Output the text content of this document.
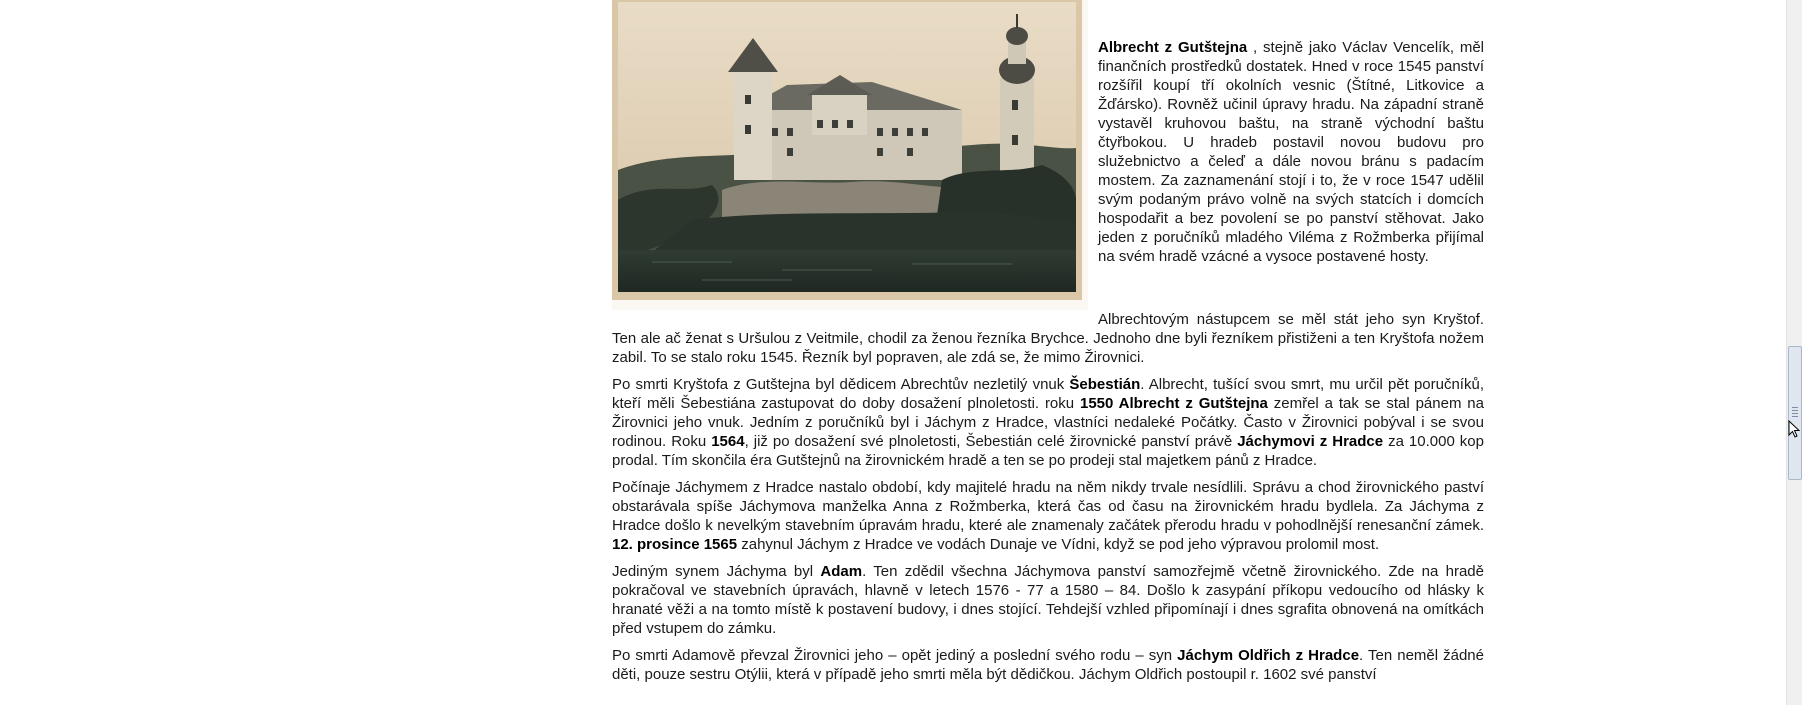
Albrecht z Gutštejna , stejně jako Václav Vencelík, měl finančních prostředků dostatek. Hned v roce 1545 panství rozšířil koupí tří okolních vesnic (Štítné, Litkovice a Žďársko). Rovněž učinil úpravy hradu. Na západní straně vystavěl kruhovou baštu, na straně východní baštu čtyřbokou. U hradeb postavil novou budovu pro služebnictvo a čeleď a dále novou bránu s padacím mostem. Za zaznamenání stojí i to, že v roce 1547 udělil svým podaným právo volně na svých statcích i domcích hospodařit a bez povolení se po panství stěhovat. Jako jeden z poručníků mladého Viléma z Rožmberka přijímal na svém hradě vzácné a vysoce postavené hosty.

Albrechtovým nástupcem se měl stát jeho syn Kryštof. Ten ale ač ženat s Uršulou z Veitmile, chodil za ženou řezníka Brychce. Jednoho dne byli řezníkem přistiženi a ten Kryštofa nožem zabil. To se stalo roku 1545. Řezník byl popraven, ale zdá se, že mimo Žirovnici.

Po smrti Kryštofa z Gutštejna byl dědicem Abrechtův nezletilý vnuk Šebestián. Albrecht, tušící svou smrt, mu určil pět poručníků, kteří měli Šebestiána zastupovat do doby dosažení plnoletosti. roku 1550 Albrecht z Gutštejna zemřel a tak se stal pánem na Žirovnici jeho vnuk. Jedním z poručníků byl i Jáchym z Hradce, vlastníci nedaleké Počátky. Často v Žirovnici pobýval i se svou rodinou. Roku 1564, již po dosažení své plnoletosti, Šebestián celé žirovnické panství právě Jáchymovi z Hradce za 10.000 kop prodal. Tím skončila éra Gutštejnů na žirovnickém hradě a ten se po prodeji stal majetkem pánů z Hradce.

Počínaje Jáchymem z Hradce nastalo období, kdy majitelé hradu na něm nikdy trvale nesídlili. Správu a chod žirovnického paství obstarávala spíše Jáchymova manželka Anna z Rožmberka, která čas od času na žirovnickém hradu bydlela. Za Jáchyma z Hradce došlo k nevelkým stavebním úpravám hradu, které ale znamenaly začátek přerodu hradu v pohodlnější renesanční zámek. 12. prosince 1565 zahynul Jáchym z Hradce ve vodách Dunaje ve Vídni, když se pod jeho výpravou prolomil most.

Jediným synem Jáchyma byl Adam. Ten zdědil všechna Jáchymova panství samozřejmě včetně žirovnického. Zde na hradě pokračoval ve stavebních úpravách, hlavně v letech 1576 - 77 a 1580 – 84. Došlo k zasypání příkopu vedoucího od hlásky k hranaté věži a na tomto místě k postavení budovy, i dnes stojící. Tehdejší vzhled připomínají i dnes sgrafita obnovená na omítkách před vstupem do zámku.

Po smrti Adamově převzal Žirovnici jeho – opět jediný a poslední svého rodu – syn Jáchym Oldřich z Hradce. Ten neměl žádné děti, pouze sestru Otýlii, která v případě jeho smrti měla být dědičkou. Jáchym Oldřich postoupil r. 1602 své panství
